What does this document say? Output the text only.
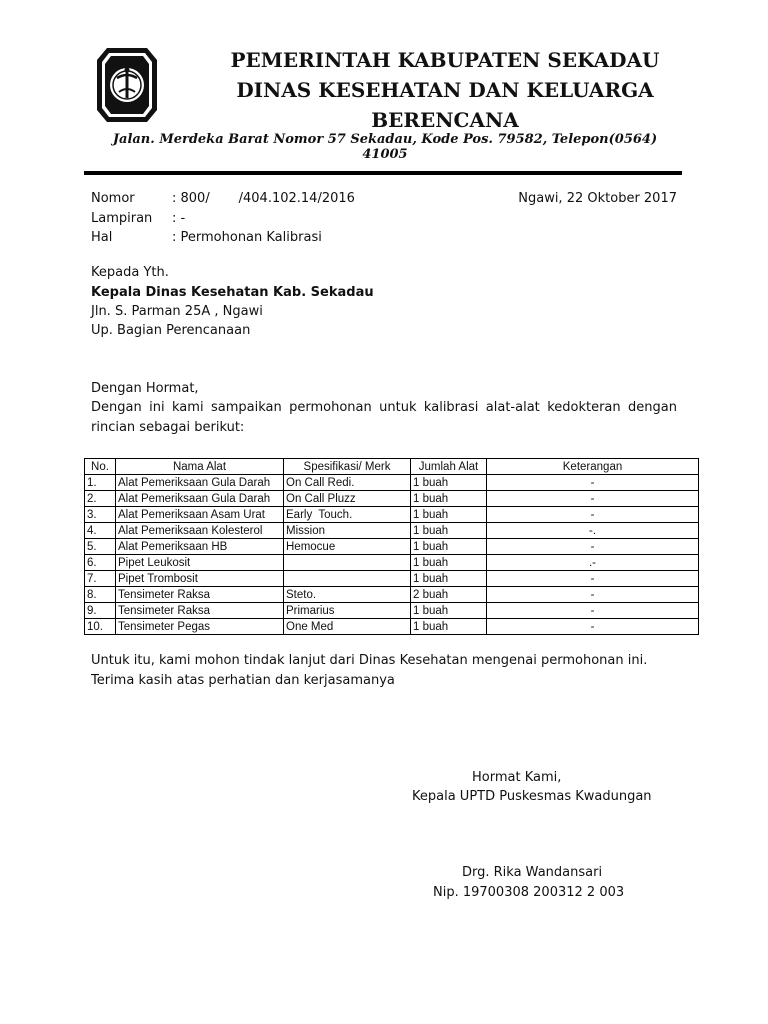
PEMERINTAH KABUPATEN SEKADAU
DINAS KESEHATAN DAN KELUARGA
BERENCANA
Jalan. Merdeka Barat Nomor 57 Sekadau, Kode Pos. 79582, Telepon(0564) 41005
Nomor	: 800/       /404.102.14/2016	Ngawi, 22 Oktober 2017
Lampiran : -
Hal	: Permohonan Kalibrasi
Kepada Yth.
Kepala Dinas Kesehatan Kab. Sekadau
Jln. S. Parman 25A , Ngawi
Up. Bagian Perencanaan
Dengan Hormat,
Dengan ini kami sampaikan permohonan untuk kalibrasi alat-alat kedokteran dengan rincian sebagai berikut:
No.	Nama Alat	Spesifikasi/ Merk	Jumlah Alat	Keterangan
1.	Alat Pemeriksaan Gula Darah	On Call Redi.	1 buah	-
2.	Alat Pemeriksaan Gula Darah	On Call Pluzz	1 buah	-
3.	Alat Pemeriksaan Asam Urat	Early  Touch.	1 buah	-
4.	Alat Pemeriksaan Kolesterol	Mission	1 buah	-.
5.	Alat Pemeriksaan HB	Hemocue	1 buah	-
6.	Pipet Leukosit		1 buah	.-
7.	Pipet Trombosit		1 buah	-
8.	Tensimeter Raksa	Steto.	2 buah	-
9.	Tensimeter Raksa	Primarius	1 buah	-
10.	Tensimeter Pegas	One Med	1 buah	-
Untuk itu, kami mohon tindak lanjut dari Dinas Kesehatan mengenai permohonan ini.
Terima kasih atas perhatian dan kerjasamanya
Hormat Kami,
Kepala UPTD Puskesmas Kwadungan
Drg. Rika Wandansari
Nip. 19700308 200312 2 003
